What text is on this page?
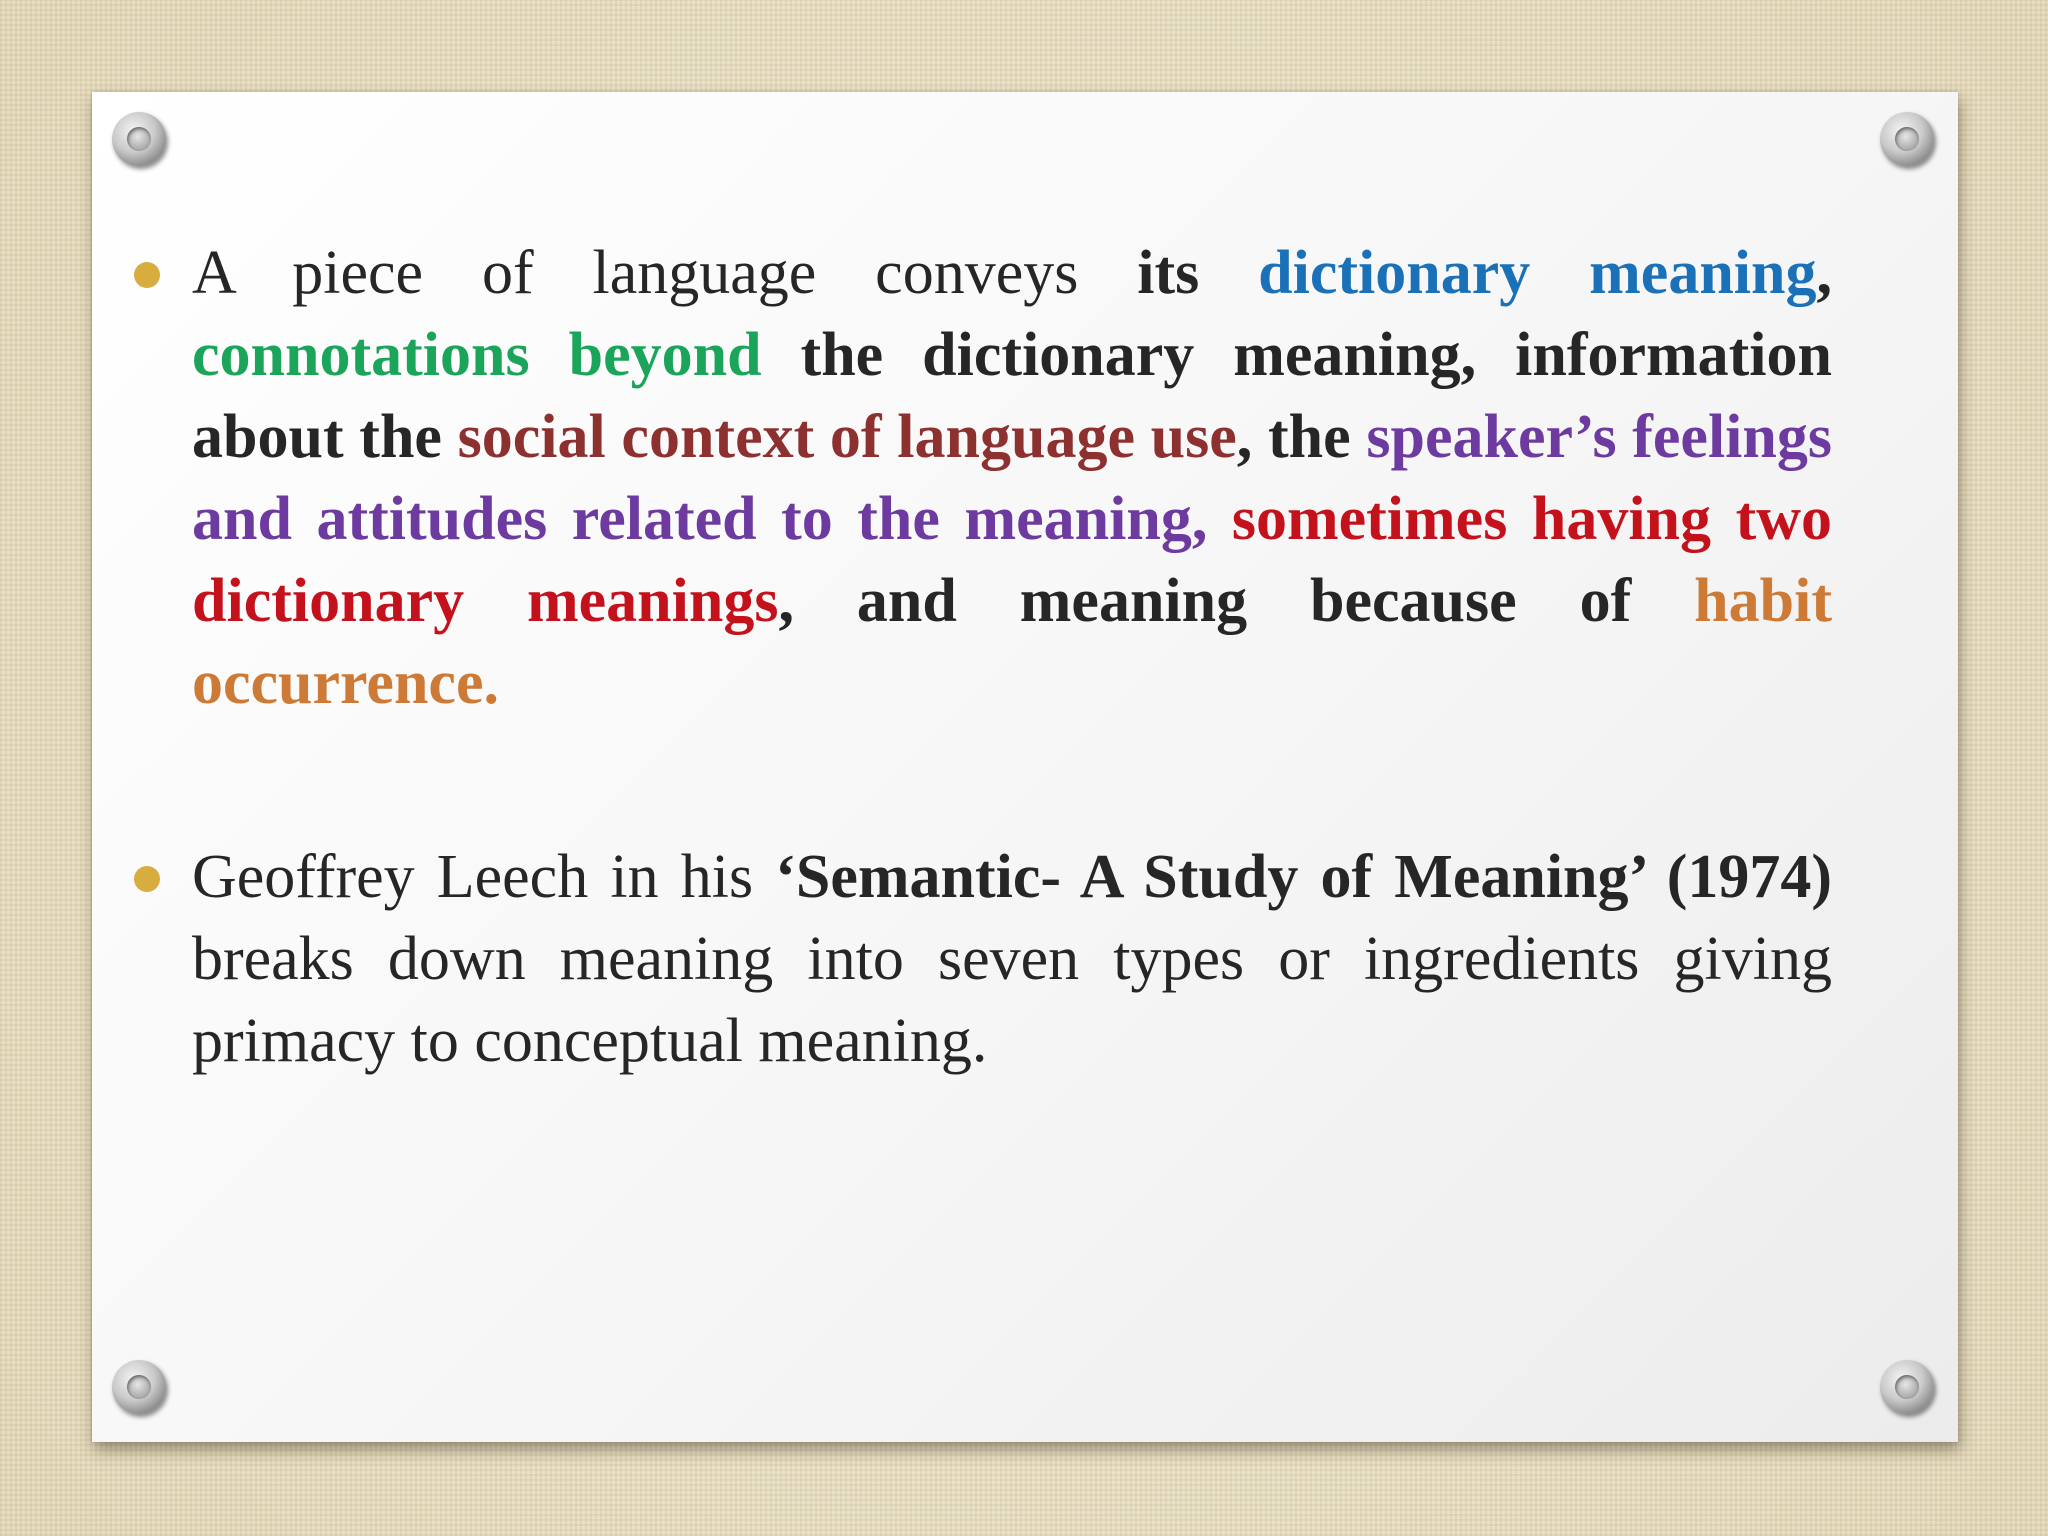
A piece of language conveys its dictionary meaning, connotations beyond the dictionary meaning, information about the social context of language use, the speaker’s feelings and attitudes related to the meaning, sometimes having two dictionary meanings, and meaning because of habit occurrence.

Geoffrey Leech in his ‘Semantic- A Study of Meaning’ (1974) breaks down meaning into seven types or ingredients giving primacy to conceptual meaning.
